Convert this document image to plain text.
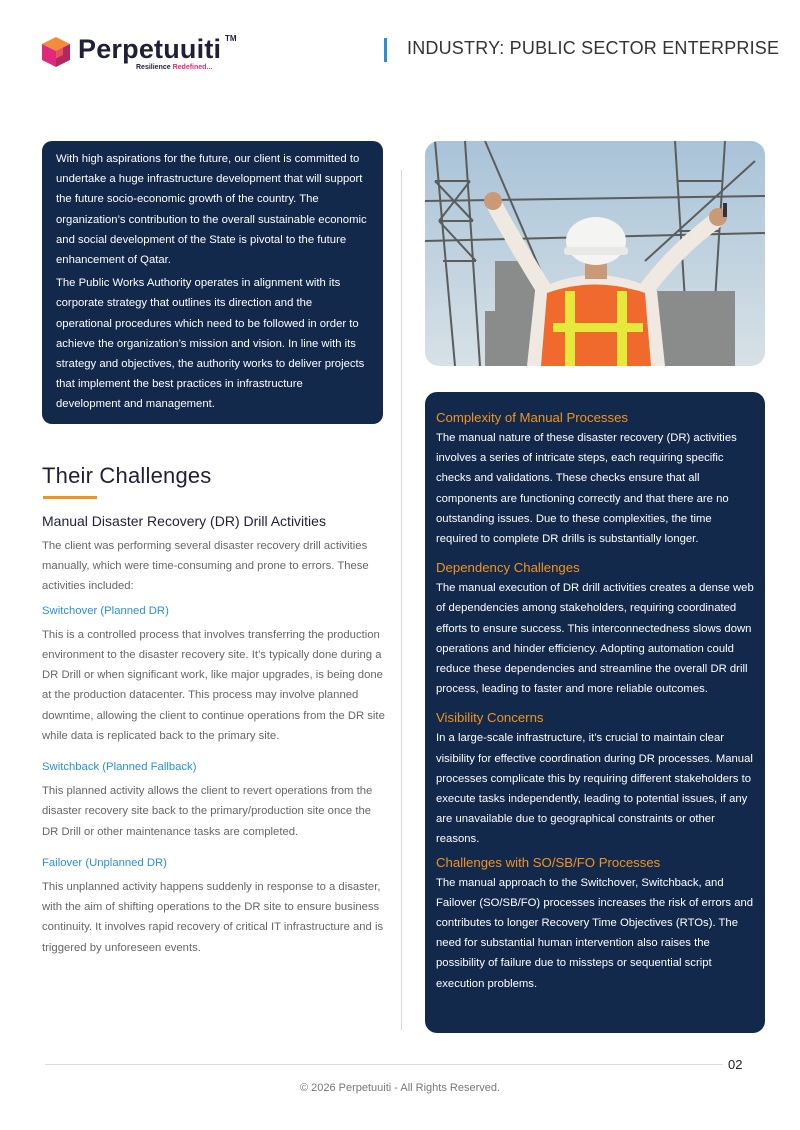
Perpetuuiti TM
Resilience Redefined...
INDUSTRY: PUBLIC SECTOR ENTERPRISE

With high aspirations for the future, our client is committed to undertake a huge infrastructure development that will support the future socio-economic growth of the country. The organization’s contribution to the overall sustainable economic and social development of the State is pivotal to the future enhancement of Qatar.

The Public Works Authority operates in alignment with its corporate strategy that outlines its direction and the operational procedures which need to be followed in order to achieve the organization’s mission and vision. In line with its strategy and objectives, the authority works to deliver projects that implement the best practices in infrastructure development and management.

Their Challenges
Manual Disaster Recovery (DR) Drill Activities

The client was performing several disaster recovery drill activities manually, which were time-consuming and prone to errors. These activities included:

Switchover (Planned DR)

This is a controlled process that involves transferring the production environment to the disaster recovery site. It’s typically done during a DR Drill or when significant work, like major upgrades, is being done at the production datacenter. This process may involve planned downtime, allowing the client to continue operations from the DR site while data is replicated back to the primary site.

Switchback (Planned Fallback)

This planned activity allows the client to revert operations from the disaster recovery site back to the primary/production site once the DR Drill or other maintenance tasks are completed.

Failover (Unplanned DR)

This unplanned activity happens suddenly in response to a disaster, with the aim of shifting operations to the DR site to ensure business continuity. It involves rapid recovery of critical IT infrastructure and is triggered by unforeseen events.

Complexity of Manual Processes

The manual nature of these disaster recovery (DR) activities involves a series of intricate steps, each requiring specific checks and validations. These checks ensure that all components are functioning correctly and that there are no outstanding issues. Due to these complexities, the time required to complete DR drills is substantially longer.

Dependency Challenges

The manual execution of DR drill activities creates a dense web of dependencies among stakeholders, requiring coordinated efforts to ensure success. This interconnectedness slows down operations and hinder efficiency. Adopting automation could reduce these dependencies and streamline the overall DR drill process, leading to faster and more reliable outcomes.

Visibility Concerns

In a large-scale infrastructure, it’s crucial to maintain clear visibility for effective coordination during DR processes. Manual processes complicate this by requiring different stakeholders to execute tasks independently, leading to potential issues, if any are unavailable due to geographical constraints or other reasons.

Challenges with SO/SB/FO Processes

The manual approach to the Switchover, Switchback, and Failover (SO/SB/FO) processes increases the risk of errors and contributes to longer Recovery Time Objectives (RTOs). The need for substantial human intervention also raises the possibility of failure due to missteps or sequential script execution problems.

02
© 2026 Perpetuuiti - All Rights Reserved.
